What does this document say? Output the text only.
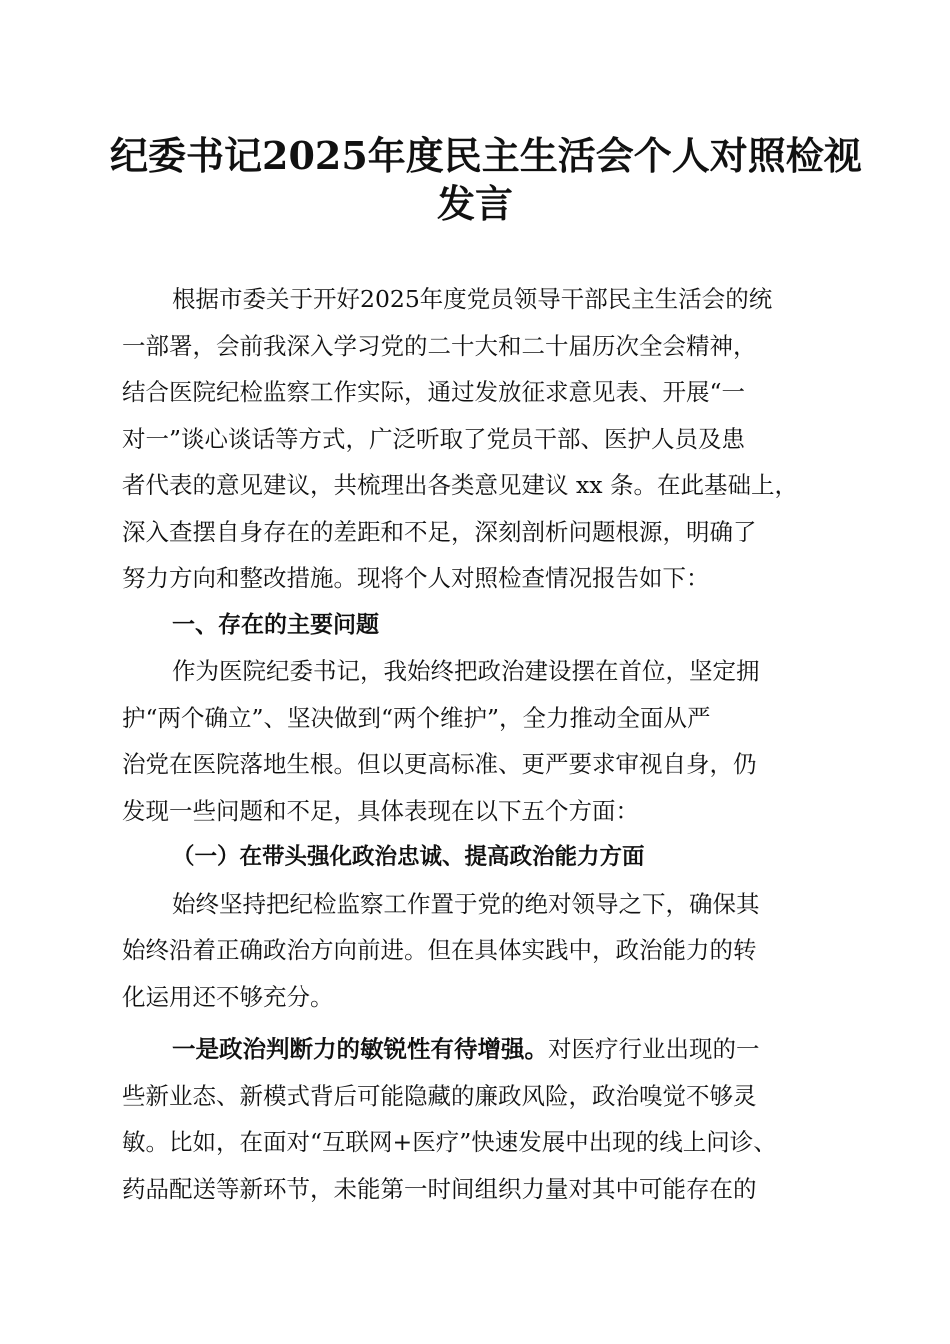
纪委书记2025年度民主生活会个人对照检视
发言
根据市委关于开好2025年度党员领导干部民主生活会的统
一部署，会前我深入学习党的二十大和二十届历次全会精神，
结合医院纪检监察工作实际，通过发放征求意见表、开展“一
对一”谈心谈话等方式，广泛听取了党员干部、医护人员及患
者代表的意见建议，共梳理出各类意见建议 xx 条。在此基础上，
深入查摆自身存在的差距和不足，深刻剖析问题根源，明确了
努力方向和整改措施。现将个人对照检查情况报告如下：
一、存在的主要问题
作为医院纪委书记，我始终把政治建设摆在首位，坚定拥
护“两个确立”、坚决做到“两个维护”，全力推动全面从严
治党在医院落地生根。但以更高标准、更严要求审视自身，仍
发现一些问题和不足，具体表现在以下五个方面：
（一）在带头强化政治忠诚、提高政治能力方面
始终坚持把纪检监察工作置于党的绝对领导之下，确保其
始终沿着正确政治方向前进。但在具体实践中，政治能力的转
化运用还不够充分。
一是政治判断力的敏锐性有待增强。对医疗行业出现的一
些新业态、新模式背后可能隐藏的廉政风险，政治嗅觉不够灵
敏。比如，在面对“互联网+医疗”快速发展中出现的线上问诊、
药品配送等新环节，未能第一时间组织力量对其中可能存在的
